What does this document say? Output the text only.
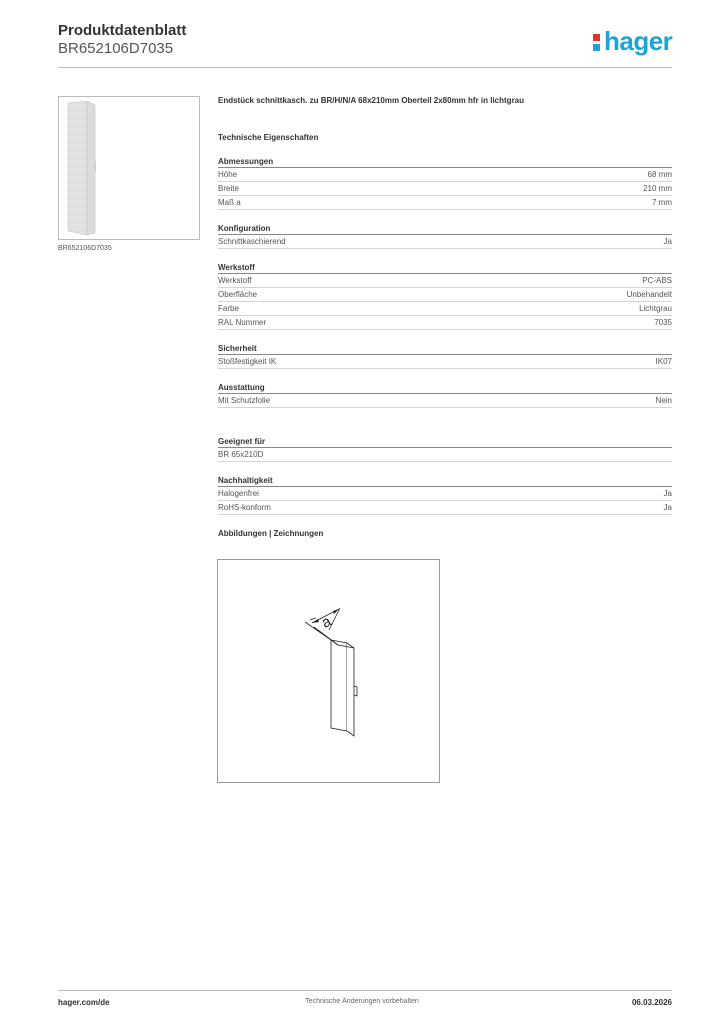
Produktdatenblatt
BR652106D7035	hager
BR652106D7035
Endstück schnittkasch. zu BR/H/N/A 68x210mm Oberteil 2x80mm hfr in lichtgrau
Technische Eigenschaften
Abmessungen
Höhe	68 mm
Breite	210 mm
Maß a	7 mm
Konfiguration
Schnittkaschierend	Ja
Werkstoff
Werkstoff	PC-ABS
Oberfläche	Unbehandelt
Farbe	Lichtgrau
RAL Nummer	7035
Sicherheit
Stoßfestigkeit IK	IK07
Ausstattung
Mit Schutzfolie	Nein
Geeignet für
BR 65x210D
Nachhaltigkeit
Halogenfrei	Ja
RoHS-konform	Ja
Abbildungen | Zeichnungen
a
hager.com/de	Technische Änderungen vorbehalten	06.03.2026
